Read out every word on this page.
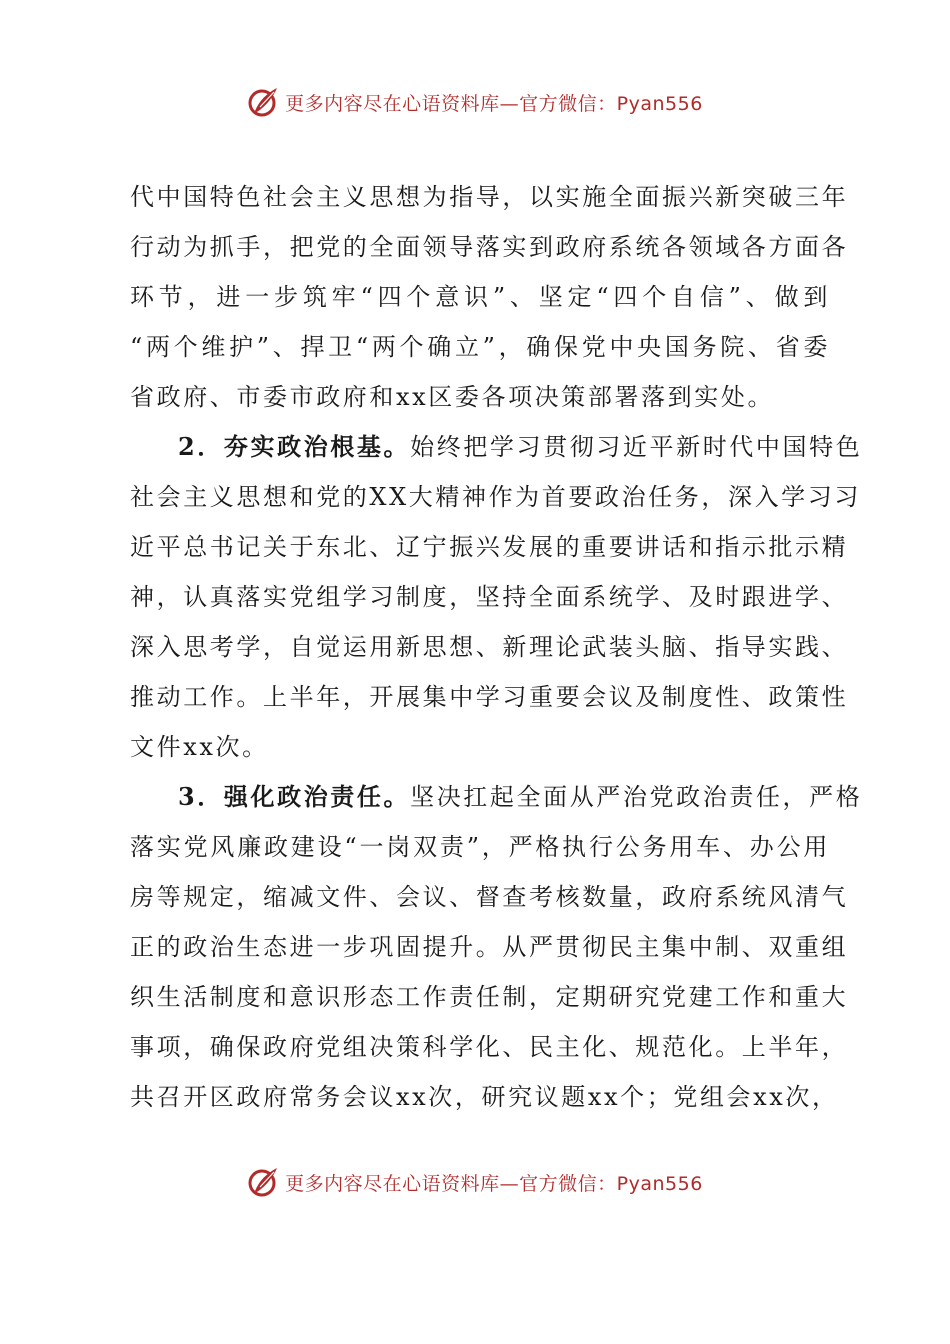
更多内容尽在心语资料库—官方微信：Pyan556
代中国特色社会主义思想为指导，以实施全面振兴新突破三年
行动为抓手，把党的全面领导落实到政府系统各领域各方面各
环节，进一步筑牢“四个意识”、坚定“四个自信”、做到
“两个维护”、捍卫“两个确立”，确保党中央国务院、省委
省政府、市委市政府和xx区委各项决策部署落到实处。
2．夯实政治根基。始终把学习贯彻习近平新时代中国特色
社会主义思想和党的XX大精神作为首要政治任务，深入学习习
近平总书记关于东北、辽宁振兴发展的重要讲话和指示批示精
神，认真落实党组学习制度，坚持全面系统学、及时跟进学、
深入思考学，自觉运用新思想、新理论武装头脑、指导实践、
推动工作。上半年，开展集中学习重要会议及制度性、政策性
文件xx次。
3．强化政治责任。坚决扛起全面从严治党政治责任，严格
落实党风廉政建设“一岗双责”，严格执行公务用车、办公用
房等规定，缩减文件、会议、督查考核数量，政府系统风清气
正的政治生态进一步巩固提升。从严贯彻民主集中制、双重组
织生活制度和意识形态工作责任制，定期研究党建工作和重大
事项，确保政府党组决策科学化、民主化、规范化。上半年，
共召开区政府常务会议xx次，研究议题xx个；党组会xx次，
更多内容尽在心语资料库—官方微信：Pyan556
